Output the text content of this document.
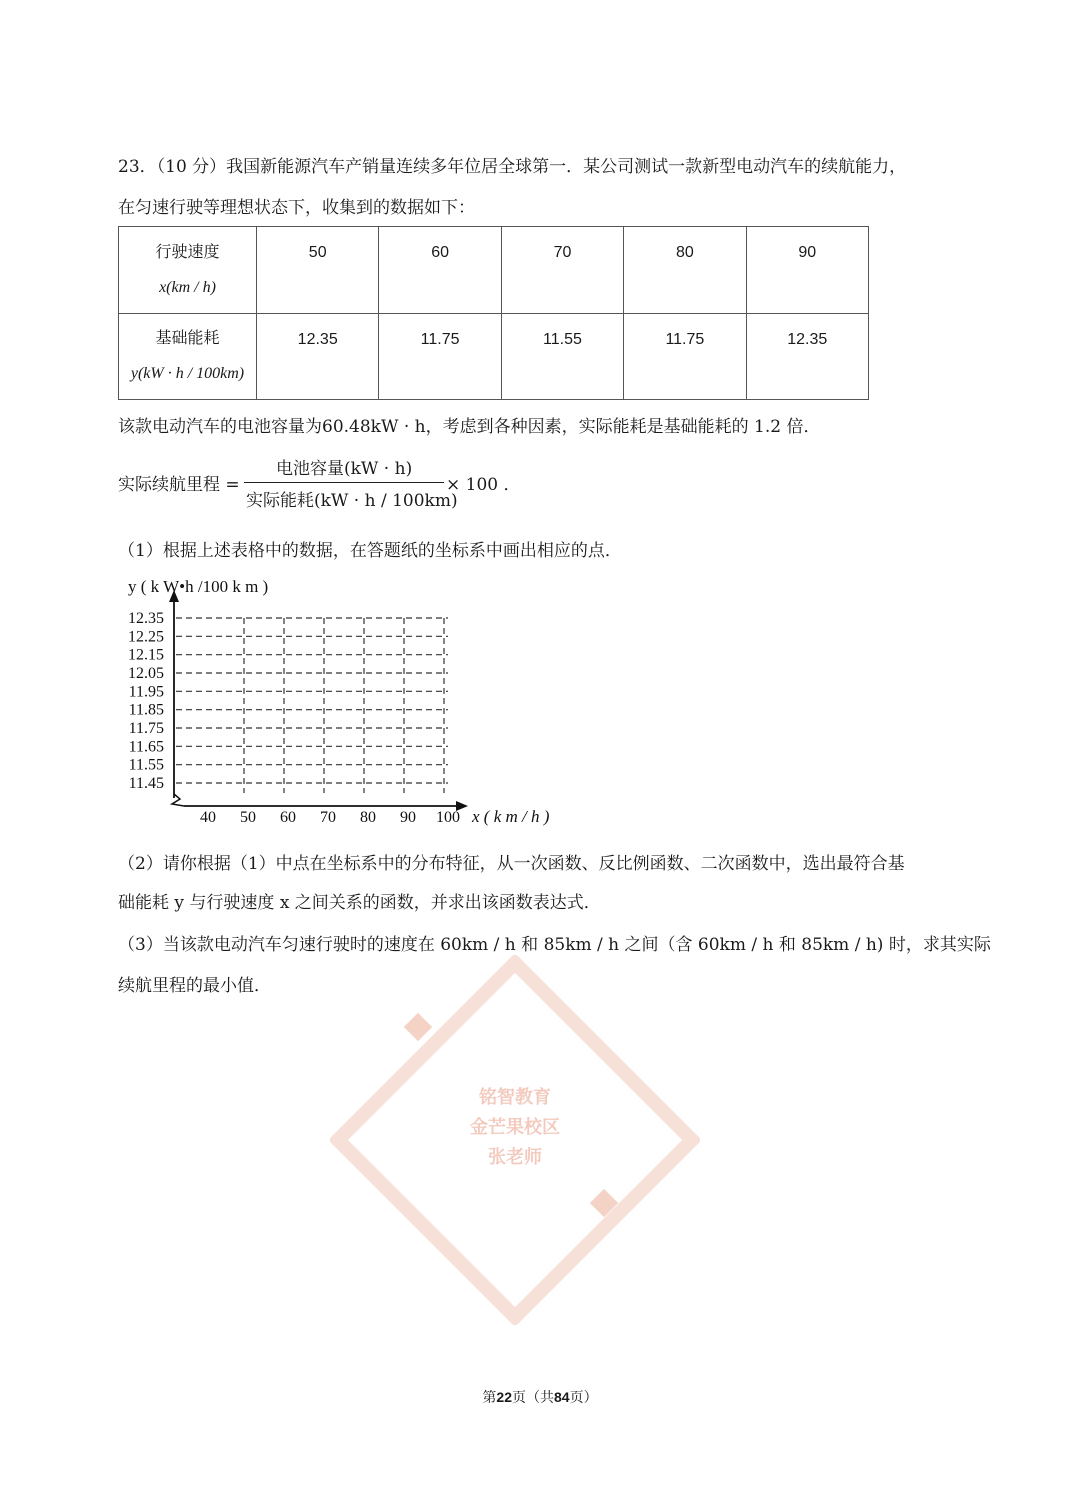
23．（10 分）我国新能源汽车产销量连续多年位居全球第一．某公司测试一款新型电动汽车的续航能力，
在匀速行驶等理想状态下，收集到的数据如下：
行驶速度
x(km / h)	50	60	70	80	90

基础能耗
y(kW · h / 100km)	12.35	11.75	11.55	11.75	12.35
该款电动汽车的电池容量为60.48kW · h，考虑到各种因素，实际能耗是基础能耗的 1.2 倍．
实际续航里程 =
电池容量(kW · h)
实际能耗(kW · h / 100km)
× 100 ．
（1）根据上述表格中的数据，在答题纸的坐标系中画出相应的点．
12.35
12.25
12.15
12.05
11.95
11.85
11.75
11.65
11.55
11.45
40 50 60 70 80 90 100
y ( k W•h /100 k m )
x ( k m / h )
（2）请你根据（1）中点在坐标系中的分布特征，从一次函数、反比例函数、二次函数中，选出最符合基
础能耗 y 与行驶速度 x 之间关系的函数，并求出该函数表达式．
（3）当该款电动汽车匀速行驶时的速度在 60km / h 和 85km / h 之间（含 60km / h 和 85km / h) 时，求其实际
续航里程的最小值．
铭智教育
金芒果校区
张老师
第22页（共84页）
